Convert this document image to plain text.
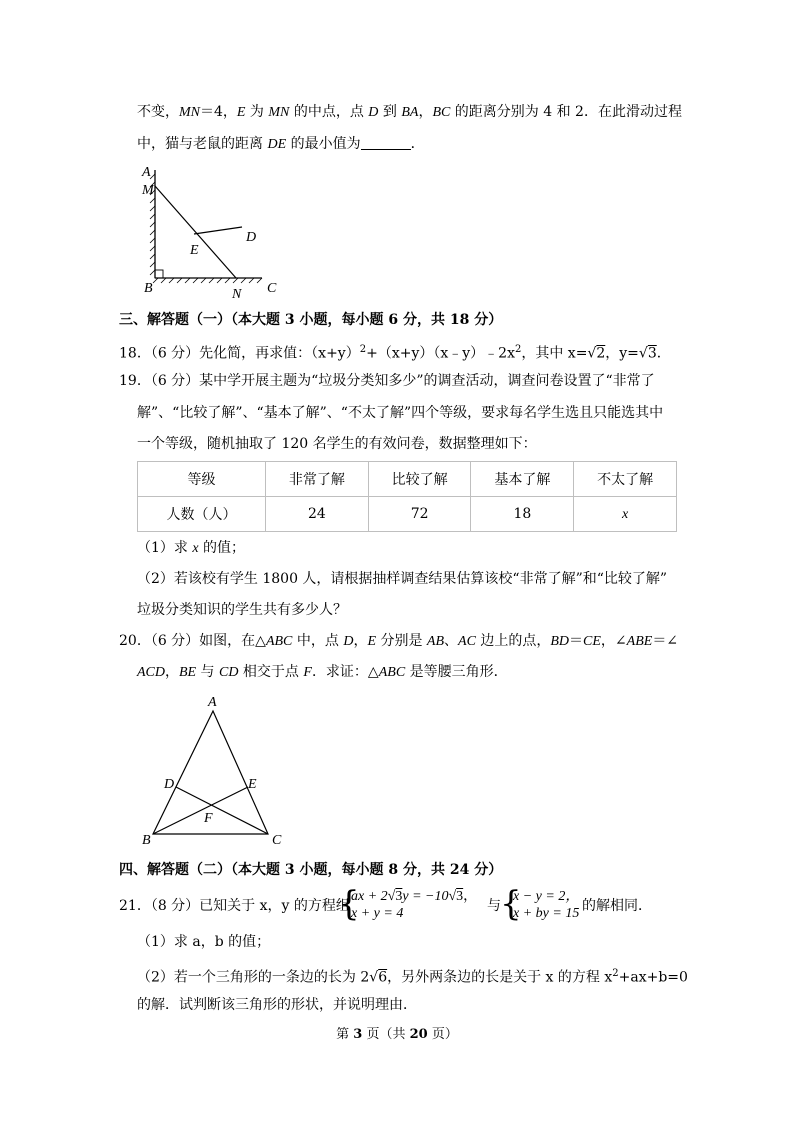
不变，MN＝4，E 为 MN 的中点，点 D 到 BA，BC 的距离分别为 4 和 2．在此滑动过程
中，猫与老鼠的距离 DE 的最小值为	．
A
M
D
E
B	N C
三、解答题（一）（本大题 3 小题，每小题 6 分，共 18 分）
18．（6 分）先化简，再求值：$(x+y)^2+(x+y)(x﹣y)﹣2x^2$，其中 x=√2，y=√3．
19．（6 分）某中学开展主题为“垃圾分类知多少”的调查活动，调查问卷设置了“非常了
解”、“比较了解”、“基本了解”、“不太了解”四个等级，要求每名学生选且只能选其中
一个等级，随机抽取了 120 名学生的有效问卷，数据整理如下：
等级	非常了解	比较了解	基本了解	不太了解
人数（人）	24	72	18	x
（1）求 x 的值；
（2）若该校有学生 1800 人，请根据抽样调查结果估算该校“非常了解”和“比较了解”
垃圾分类知识的学生共有多少人？
20．（6 分）如图，在△ABC 中，点 D，E 分别是 AB、AC 边上的点，BD＝CE，∠ABE＝∠
ACD，BE 与 CD 相交于点 F．求证：△ABC 是等腰三角形．
A
D	E
F
B	C
四、解答题（二）（本大题 3 小题，每小题 8 分，共 24 分）
21．（8 分）已知关于 x，y 的方程组
{
ax + 2√3y = −10√3，
x + y = 4	与 {
x − y = 2，
x + by = 15 的解相同．
（1）求 a，b 的值；
（2）若一个三角形的一条边的长为 2√6，另外两条边的长是关于 x 的方程 $x^2+ax+b=0$
的解．试判断该三角形的形状，并说明理由．
第 3 页（共 20 页）
